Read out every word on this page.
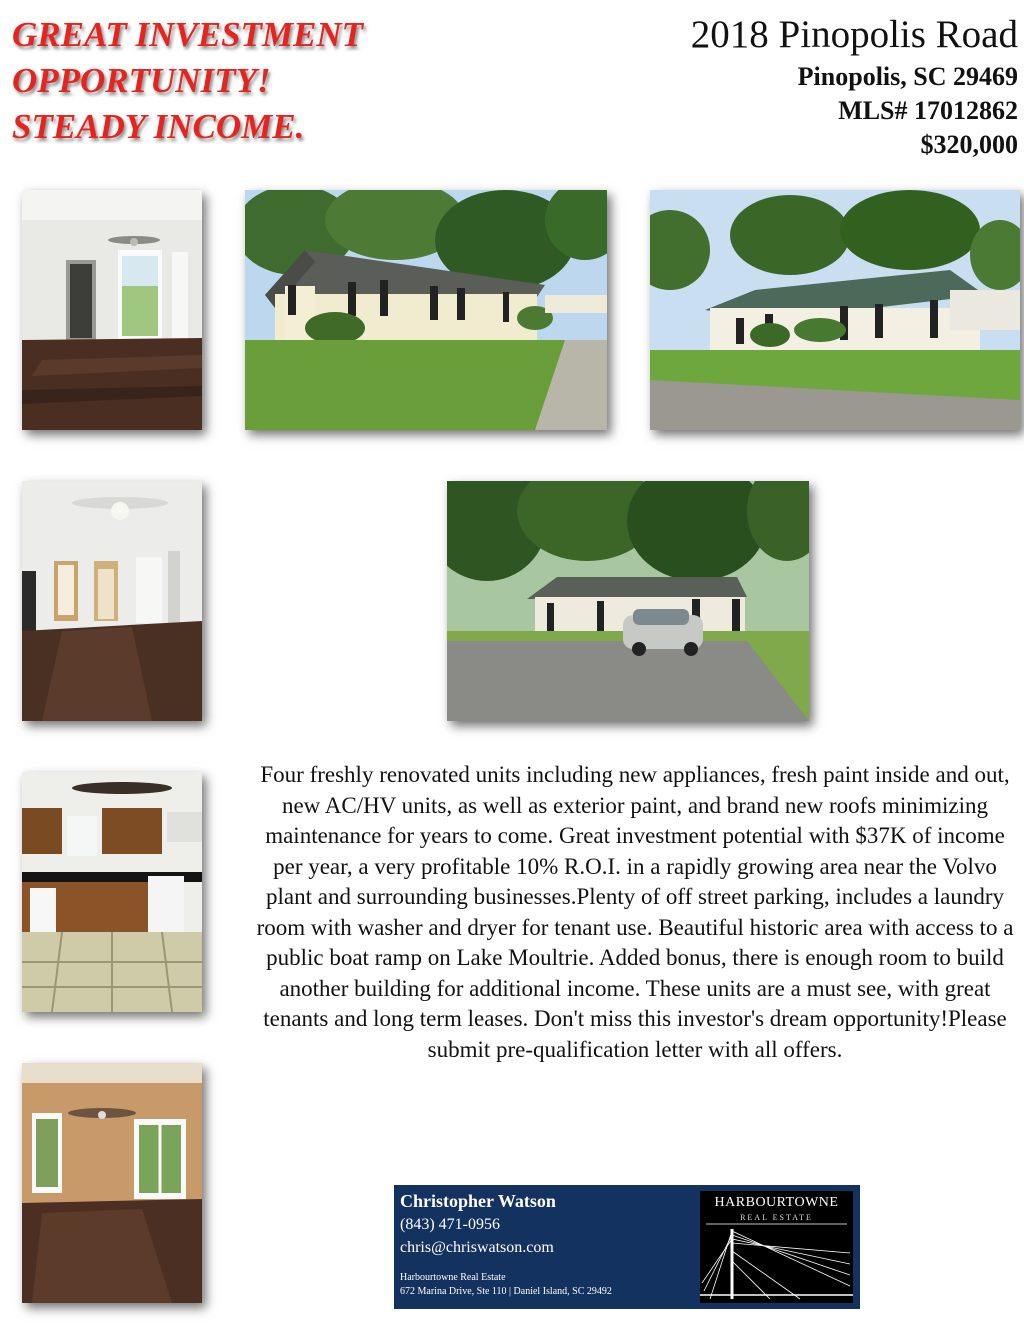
GREAT INVESTMENT
OPPORTUNITY!
STEADY INCOME.
2018 Pinopolis Road
Pinopolis, SC 29469
MLS# 17012862
$320,000
Four freshly renovated units including new appliances, fresh paint inside and out, new AC/HV units, as well as exterior paint, and brand new roofs minimizing maintenance for years to come. Great investment potential with $37K of income per year, a very profitable 10% R.O.I. in a rapidly growing area near the Volvo plant and surrounding businesses.Plenty of off street parking, includes a laundry room with washer and dryer for tenant use. Beautiful historic area with access to a public boat ramp on Lake Moultrie. Added bonus, there is enough room to build another building for additional income. These units are a must see, with great tenants and long term leases. Don't miss this investor's dream opportunity!Please submit pre-qualification letter with all offers.
Christopher Watson
(843) 471-0956
chris@chriswatson.com
Harbourtowne Real Estate
672 Marina Drive, Ste 110 | Daniel Island, SC 29492
HARBOURTOWNE
REAL ESTATE
